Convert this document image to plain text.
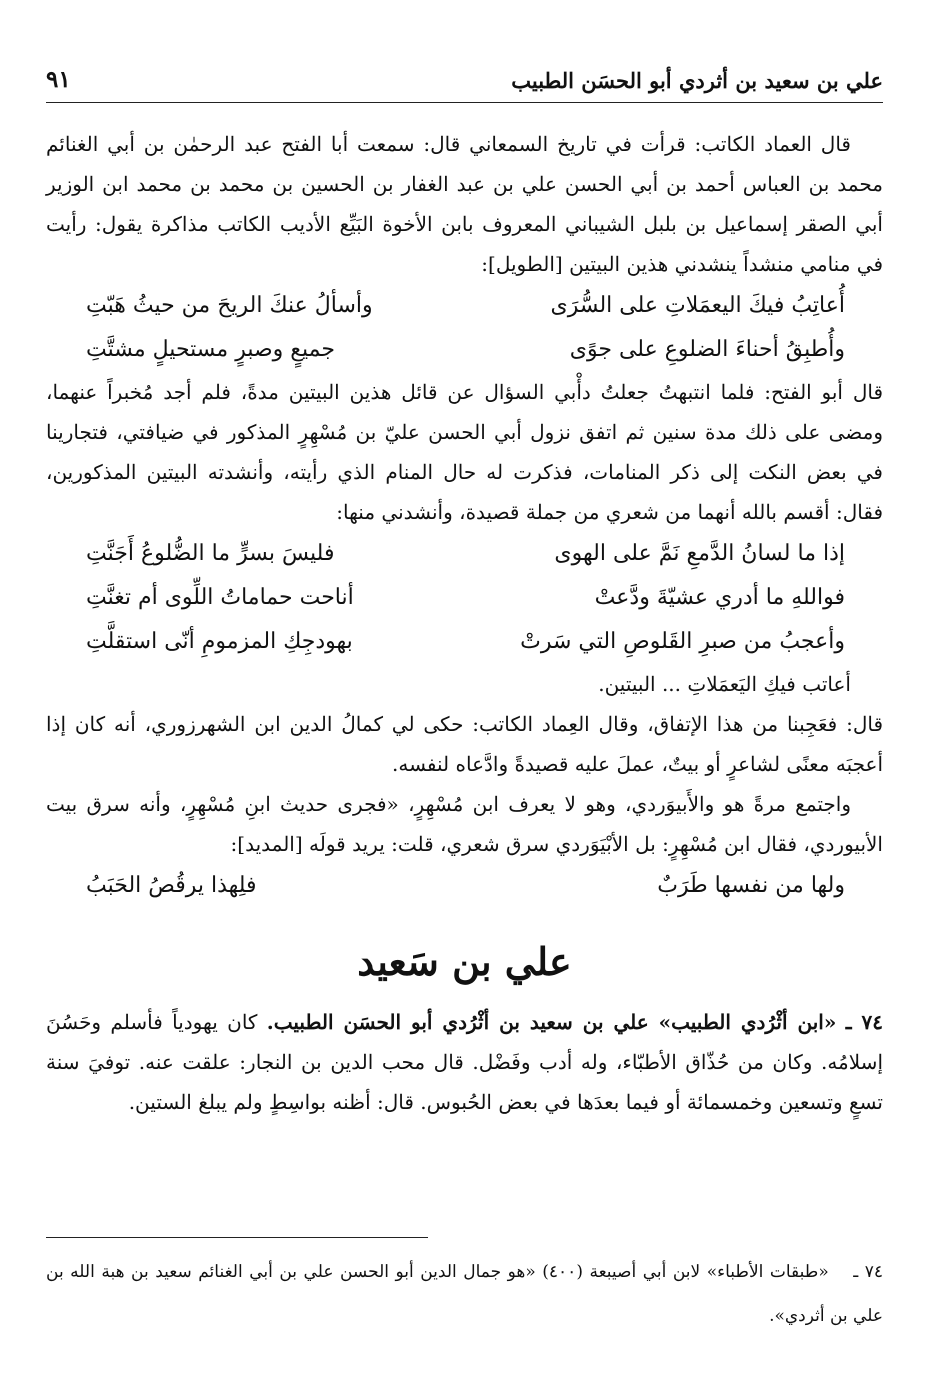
علي بن سعيد بن أثردي أبو الحسَن الطبيب
٩١

قال العماد الكاتب: قرأت في تاريخ السمعاني قال: سمعت أبا الفتح عبد الرحمٰن بن أبي الغنائم محمد بن العباس أحمد بن أبي الحسن علي بن عبد الغفار بن الحسين بن محمد بن محمد ابن الوزير أبي الصقر إسماعيل بن بلبل الشيباني المعروف بابن الأخوة البَيِّع الأديب الكاتب مذاكرة يقول: رأيت في منامي منشداً ينشدني هذين البيتين [الطويل]:

أُعاتِبُ فيكَ اليعمَلاتِ على السُّرَى
وأسألُ عنكَ الريحَ من حيثُ هَبّتِ
وأُطبِقُ أحناءَ الضلوعِ على جوًى
جميعٍ وصبرٍ مستحيلٍ مشتَّتِ

قال أبو الفتح: فلما انتبهتُ جعلتُ دأْبي السؤال عن قائل هذين البيتين مدةً، فلم أجد مُخبراً عنهما، ومضى على ذلك مدة سنين ثم اتفق نزول أبي الحسن عليّ بن مُسْهِرٍ المذكور في ضيافتي، فتجارينا في بعض النكت إلى ذكر المنامات، فذكرت له حال المنام الذي رأيته، وأنشدته البيتين المذكورين، فقال: أقسم بالله أنهما من شعري من جملة قصيدة، وأنشدني منها:

إذا ما لسانُ الدَّمعِ نَمَّ على الهوى
فليسَ بسرٍّ ما الضُّلوعُ أَجَنَّتِ
فواللهِ ما أدري عشيّةَ ودَّعتْ
أناحت حماماتُ اللِّوى أم تغنَّتِ
وأعجبُ من صبرِ القَلوصِ التي سَرتْ
بهودجِكِ المزمومِ أنّى استقلَّتِ

أعاتب فيكِ اليَعمَلاتِ ... البيتين.

قال: فعَجِبنا من هذا الإتفاق، وقال العِماد الكاتب: حكى لي كمالُ الدين ابن الشهرزوري، أنه كان إذا أعجبَه معنًى لشاعرٍ أو بيتٌ، عملَ عليه قصيدةً وادَّعاه لنفسه.

واجتمع مرةً هو والأَبيوَردي، وهو لا يعرف ابن مُسْهِرٍ، «فجرى حديث ابنِ مُسْهِرٍ، وأنه سرق بيت الأبيوردي، فقال ابن مُسْهِرٍ: بل الأبْيَوَردي سرق شعري، قلت: يريد قولَه [المديد]:

ولها من نفسها طَرَبٌ
فلِهذا يرقُصُ الحَبَبُ
علي بن سَعيد

٧٤ ـ «ابن أثْرُدي الطبيب» علي بن سعيد بن أثْرُدي أبو الحسَن الطبيب. كان يهودياً فأسلم وحَسُنَ إسلامُه. وكان من حُذّاق الأطبّاء، وله أدب وفَضْل. قال محب الدين بن النجار: علقت عنه. توفيَ سنة تسعٍ وتسعين وخمسمائة أو فيما بعدَها في بعض الحُبوس. قال: أظنه بواسِطٍ ولم يبلغ الستين.

٧٤ ـ «طبقات الأطباء» لابن أبي أصيبعة (٤٠٠) «هو جمال الدين أبو الحسن علي بن أبي الغنائم سعيد بن هبة الله بن علي بن أثردي».
